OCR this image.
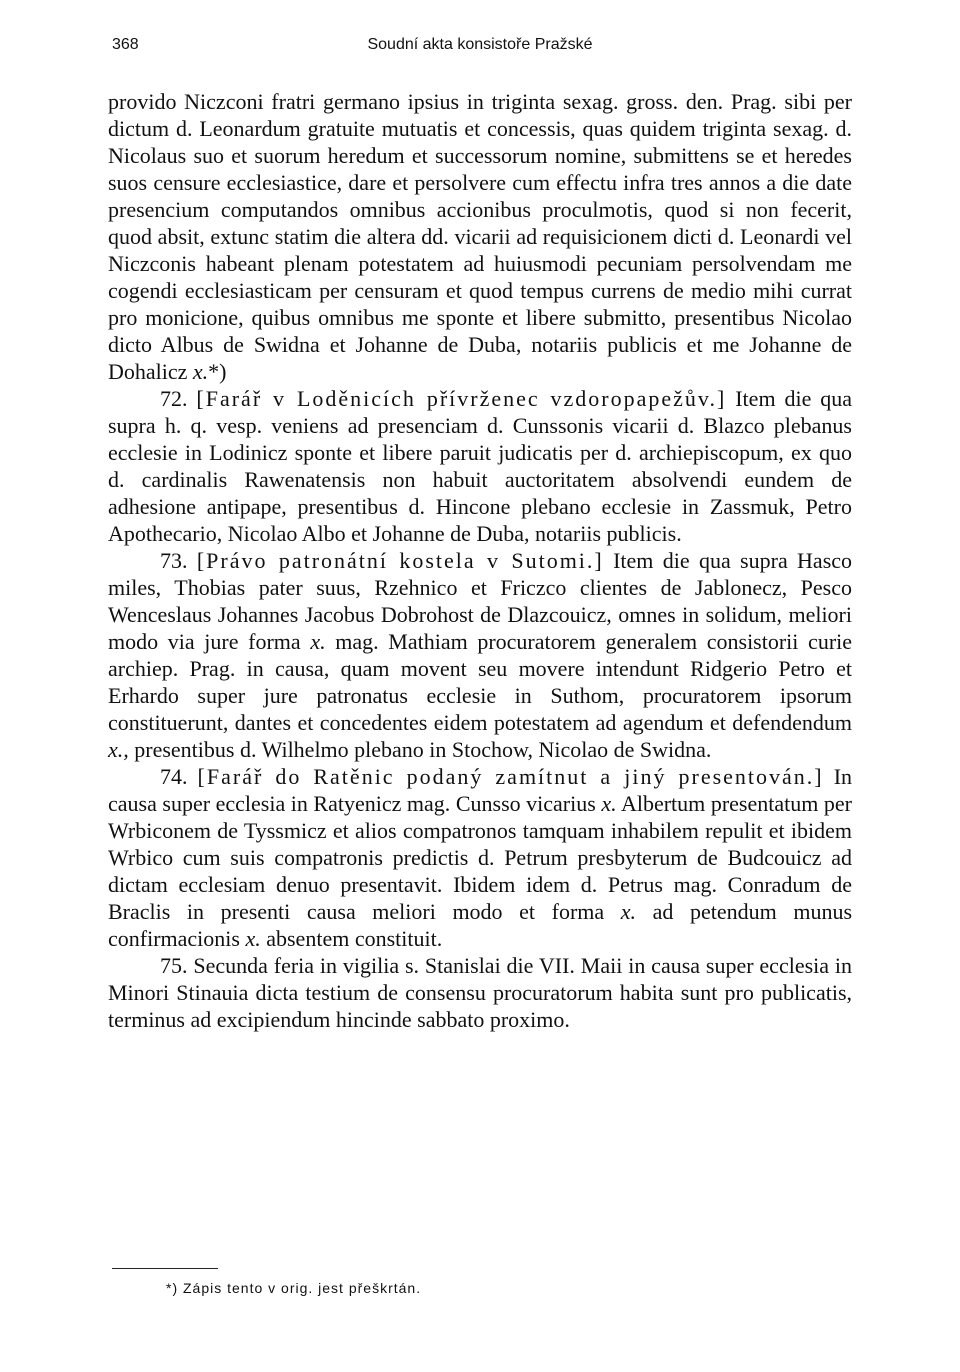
368	Soudní akta konsistoře Pražské

provido Niczconi fratri germano ipsius in triginta sexag. gross. den. Prag. sibi per dictum d. Leonardum gratuite mutuatis et concessis, quas quidem triginta sexag. d. Nicolaus suo et suorum heredum et successorum nomine, submittens se et heredes suos censure ecclesiastice, dare et persolvere cum effectu infra tres annos a die date presencium computandos omnibus accionibus proculmotis, quod si non fecerit, quod absit, extunc statim die altera dd. vicarii ad requisicionem dicti d. Leonardi vel Niczconis habeant plenam potestatem ad huiusmodi pecuniam persolvendam me cogendi ecclesiasticam per censuram et quod tempus currens de medio mihi currat pro monicione, quibus omnibus me sponte et libere submitto, presentibus Nicolao dicto Albus de Swidna et Johanne de Duba, notariis publicis et me Johanne de Dohalicz x.*)

72. [Farář v Loděnicích přívrženec vzdoropapežův.] Item die qua supra h. q. vesp. veniens ad presenciam d. Cunssonis vicarii d. Blazco plebanus ecclesie in Lodinicz sponte et libere paruit judicatis per d. archiepiscopum, ex quo d. cardinalis Rawenatensis non habuit auctoritatem absolvendi eundem de adhesione antipape, presentibus d. Hincone plebano ecclesie in Zassmuk, Petro Apothecario, Nicolao Albo et Johanne de Duba, notariis publicis.

73. [Právo patronátní kostela v Sutomi.] Item die qua supra Hasco miles, Thobias pater suus, Rzehnico et Friczco clientes de Jablonecz, Pesco Wenceslaus Johannes Jacobus Dobrohost de Dlazcouicz, omnes in solidum, meliori modo via jure forma x. mag. Mathiam procuratorem generalem consistorii curie archiep. Prag. in causa, quam movent seu movere intendunt Ridgerio Petro et Erhardo super jure patronatus ecclesie in Suthom, procuratorem ipsorum constituerunt, dantes et concedentes eidem potestatem ad agendum et defendendum x., presentibus d. Wilhelmo plebano in Stochow, Nicolao de Swidna.

74. [Farář do Ratěnic podaný zamítnut a jiný presentován.] In causa super ecclesia in Ratyenicz mag. Cunsso vicarius x. Albertum presentatum per Wrbiconem de Tyssmicz et alios compatronos tamquam inhabilem repulit et ibidem Wrbico cum suis compatronis predictis d. Petrum presbyterum de Budcouicz ad dictam ecclesiam denuo presentavit. Ibidem idem d. Petrus mag. Conradum de Braclis in presenti causa meliori modo et forma x. ad petendum munus confirmacionis x. absentem constituit.

75. Secunda feria in vigilia s. Stanislai die VII. Maii in causa super ecclesia in Minori Stinauia dicta testium de consensu procuratorum habita sunt pro publicatis, terminus ad excipiendum hincinde sabbato proximo.

*) Zápis tento v orig. jest přeškrtán.
